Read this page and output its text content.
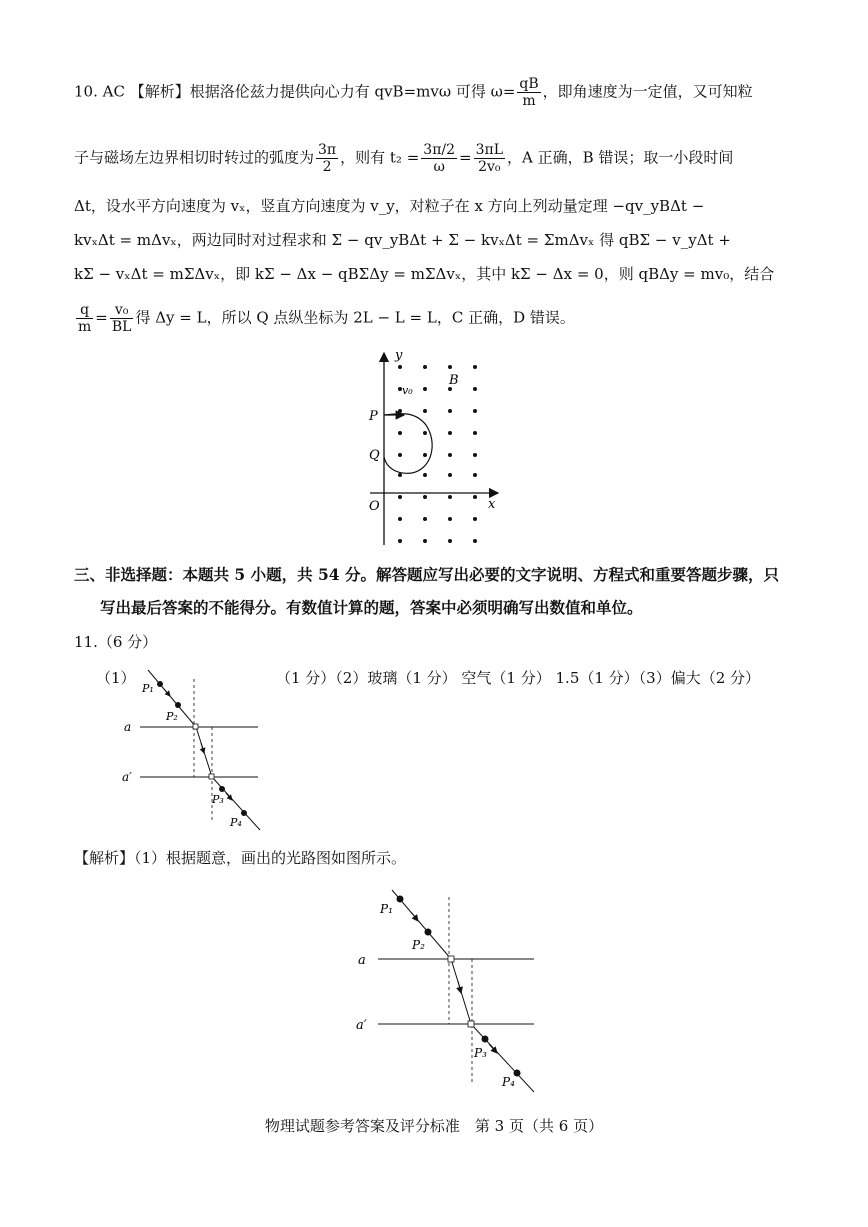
10. AC 【解析】根据洛伦兹力提供向心力有 qvB=mvω 可得 $\omega= \frac{qB}{m}$ ，即角速度为一定值，又可知粒
子与磁场左边界相切时转过的弧度为 $\frac{3\pi}{2}$ ，则有 $t_2 = \frac{3\pi/2}{\omega} = \frac{3\pi L}{\text{2v₀}}$ ，A 正确，B 错误；取一小段时间
Δt，设水平方向速度为 vₓ，竖直方向速度为 v_y，对粒子在 x 方向上列动量定理 −qv_yBΔt −
kvₓΔt = mΔvₓ，两边同时对过程求和 Σ − qv_yBΔt + Σ − kvₓΔt = ΣmΔvₓ 得 qBΣ − v_yΔt +
kΣ − vₓΔt = mΣΔvₓ，即 kΣ − Δx − qBΣΔy = mΣΔvₓ，其中 kΣ − Δx = 0，则 qBΔy = mv₀，结合
$\frac{q}{m} = \frac{\text{v₀}}{BL}$ 得 Δy = L，所以 Q 点纵坐标为 2L − L = L，C 正确，D 错误。
y
x
O
P
Q
B
v₀
三、非选择题：本题共 5 小题，共 54 分。解答题应写出必要的文字说明、方程式和重要答题步骤，只
写出最后答案的不能得分。有数值计算的题，答案中必须明确写出数值和单位。
11.（6 分）
（1）	（1 分）（2）玻璃（1 分） 空气（1 分） 1.5（1 分）（3）偏大（2 分）
P₁
P₂
P₃
P₄
a
a′
【解析】（1）根据题意，画出的光路图如图所示。
P₁
P₂
P₃
P₄
a
a′
物理试题参考答案及评分标准　第 3 页（共 6 页）
